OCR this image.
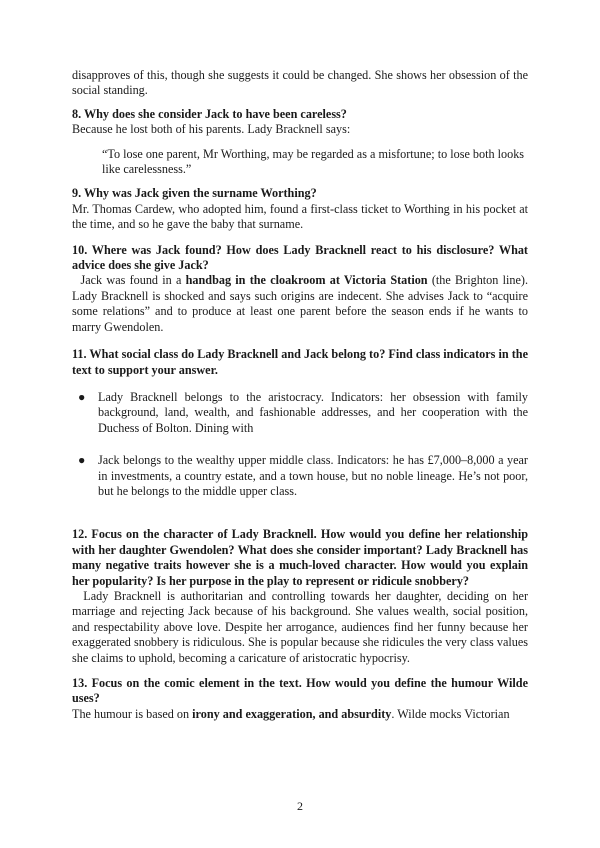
disapproves of this, though she suggests it could be changed. She shows her obsession of the social standing.

8. Why does she consider Jack to have been careless?

Because he lost both of his parents. Lady Bracknell says:

“To lose one parent, Mr Worthing, may be regarded as a misfortune; to lose both looks like carelessness.”

9. Why was Jack given the surname Worthing?

Mr. Thomas Cardew, who adopted him, found a first-class ticket to Worthing in his pocket at the time, and so he gave the baby that surname.

10. Where was Jack found? How does Lady Bracknell react to his disclosure? What advice does she give Jack?

Jack was found in a handbag in the cloakroom at Victoria Station (the Brighton line). Lady Bracknell is shocked and says such origins are indecent. She advises Jack to “acquire some relations” and to produce at least one parent before the season ends if he wants to marry Gwendolen.

11. What social class do Lady Bracknell and Jack belong to? Find class indicators in the text to support your answer.

● Lady Bracknell belongs to the aristocracy. Indicators: her obsession with family background, land, wealth, and fashionable addresses, and her cooperation with the Duchess of Bolton. Dining with
● Jack belongs to the wealthy upper middle class. Indicators: he has £7,000–8,000 a year in investments, a country estate, and a town house, but no noble lineage. He’s not poor, but he belongs to the middle upper class.

12. Focus on the character of Lady Bracknell. How would you define her relationship with her daughter Gwendolen? What does she consider important? Lady Bracknell has many negative traits however she is a much-loved character. How would you explain her popularity? Is her purpose in the play to represent or ridicule snobbery?

Lady Bracknell is authoritarian and controlling towards her daughter, deciding on her marriage and rejecting Jack because of his background. She values wealth, social position, and respectability above love. Despite her arrogance, audiences find her funny because her exaggerated snobbery is ridiculous. She is popular because she ridicules the very class values she claims to uphold, becoming a caricature of aristocratic hypocrisy.

13. Focus on the comic element in the text. How would you define the humour Wilde uses?

The humour is based on irony and exaggeration, and absurdity. Wilde mocks Victorian

2
